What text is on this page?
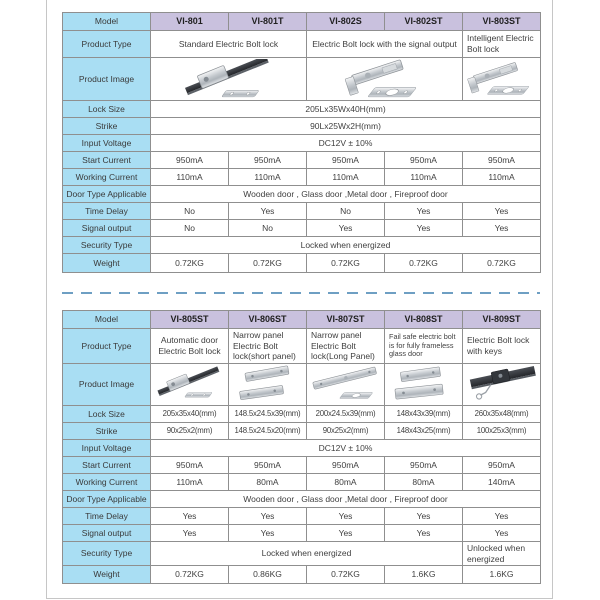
Model	VI-801	VI-801T	VI-802S	VI-802ST	VI-803ST
Product Type	Standard Electric Bolt lock		Electric Bolt lock with the signal output		Intelligent Electric Bolt lock
Product Image	

Lock Size	205Lx35Wx40H(mm)				
Strike	90Lx25Wx2H(mm)				
Input Voltage	DC12V ± 10%				
Start Current	950mA	950mA	950mA	950mA	950mA
Working Current	110mA	110mA	110mA	110mA	110mA
Door Type Applicable	Wooden door , Glass door ,Metal door , Fireproof door				
Time Delay	No	Yes	No	Yes	Yes
Signal output	No	No	Yes	Yes	Yes
Security Type	Locked when energized				
Weight	0.72KG	0.72KG	0.72KG	0.72KG	0.72KG
Model	VI-805ST	VI-806ST	VI-807ST	VI-808ST	VI-809ST
Product Type	Automatic door Electric Bolt lock	Narrow panel Electric Bolt lock(short panel)	Narrow panel Electric Bolt lock(Long Panel)	Fail safe electric bolt is for fully frameless glass door	Electric Bolt lock with keys
Product Image	

Lock Size	205x35x40(mm)	148.5x24.5x39(mm)	200x24.5x39(mm)	148x43x39(mm)	260x35x48(mm)
Strike	90x25x2(mm)	148.5x24.5x20(mm)	90x25x2(mm)	148x43x25(mm)	100x25x3(mm)
Input Voltage	DC12V ± 10%				
Start Current	950mA	950mA	950mA	950mA	950mA
Working Current	110mA	80mA	80mA	80mA	140mA
Door Type Applicable	Wooden door , Glass door ,Metal door , Fireproof door				
Time Delay	Yes	Yes	Yes	Yes	Yes
Signal output	Yes	Yes	Yes	Yes	Yes
Security Type	Locked when energized				Unlocked when energized
Weight	0.72KG	0.86KG	0.72KG	1.6KG	1.6KG
